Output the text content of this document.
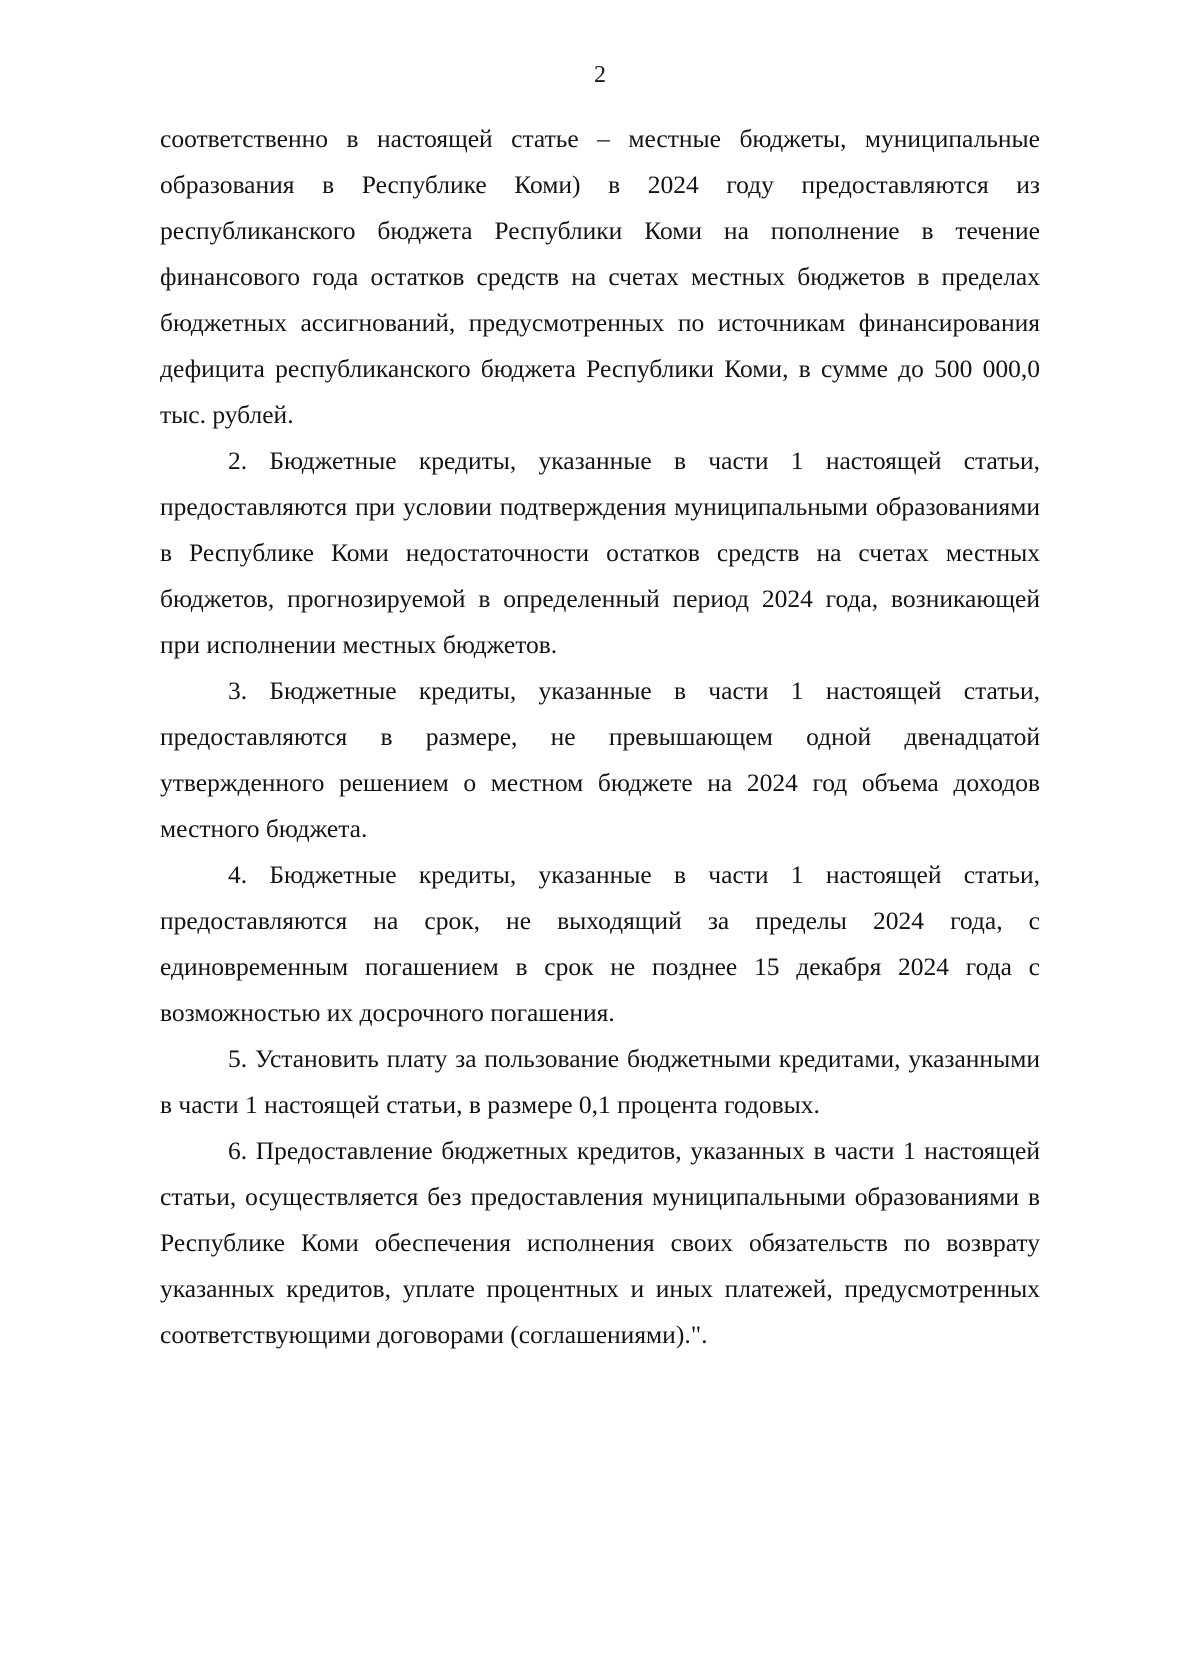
2

соответственно в настоящей статье – местные бюджеты, муниципальные образования в Республике Коми) в 2024 году предоставляются из республиканского бюджета Республики Коми на пополнение в течение финансового года остатков средств на счетах местных бюджетов в пределах бюджетных ассигнований, предусмотренных по источникам финансирования дефицита республиканского бюджета Республики Коми, в сумме до 500 000,0 тыс. рублей.

2. Бюджетные кредиты, указанные в части 1 настоящей статьи, предоставляются при условии подтверждения муниципальными образованиями в Республике Коми недостаточности остатков средств на счетах местных бюджетов, прогнозируемой в определенный период 2024 года, возникающей при исполнении местных бюджетов.

3. Бюджетные кредиты, указанные в части 1 настоящей статьи, предоставляются в размере, не превышающем одной двенадцатой утвержденного решением о местном бюджете на 2024 год объема доходов местного бюджета.

4. Бюджетные кредиты, указанные в части 1 настоящей статьи, предоставляются на срок, не выходящий за пределы 2024 года, с единовременным погашением в срок не позднее 15 декабря 2024 года с возможностью их досрочного погашения.

5. Установить плату за пользование бюджетными кредитами, указанными в части 1 настоящей статьи, в размере 0,1 процента годовых.

6. Предоставление бюджетных кредитов, указанных в части 1 настоящей статьи, осуществляется без предоставления муниципальными образованиями в Республике Коми обеспечения исполнения своих обязательств по возврату указанных кредитов, уплате процентных и иных платежей, предусмотренных соответствующими договорами (соглашениями).".
